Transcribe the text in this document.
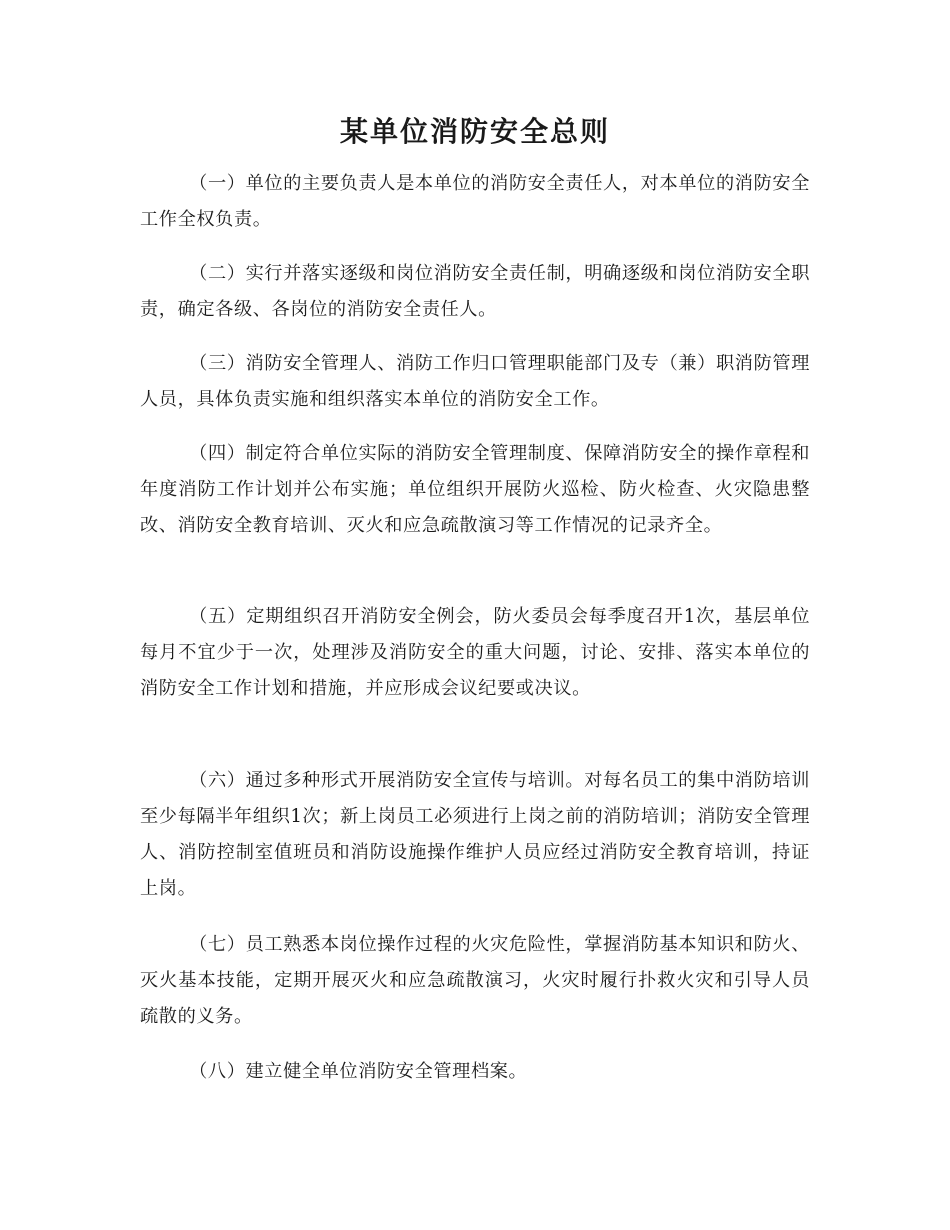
某单位消防安全总则

（一）单位的主要负责人是本单位的消防安全责任人，对本单位的消防安全工作全权负责。

（二）实行并落实逐级和岗位消防安全责任制，明确逐级和岗位消防安全职责，确定各级、各岗位的消防安全责任人。

（三）消防安全管理人、消防工作归口管理职能部门及专（兼）职消防管理人员，具体负责实施和组织落实本单位的消防安全工作。

（四）制定符合单位实际的消防安全管理制度、保障消防安全的操作章程和年度消防工作计划并公布实施；单位组织开展防火巡检、防火检查、火灾隐患整改、消防安全教育培训、灭火和应急疏散演习等工作情况的记录齐全。

（五）定期组织召开消防安全例会，防火委员会每季度召开1次，基层单位每月不宜少于一次，处理涉及消防安全的重大问题，讨论、安排、落实本单位的消防安全工作计划和措施，并应形成会议纪要或决议。

（六）通过多种形式开展消防安全宣传与培训。对每名员工的集中消防培训至少每隔半年组织1次；新上岗员工必须进行上岗之前的消防培训；消防安全管理人、消防控制室值班员和消防设施操作维护人员应经过消防安全教育培训，持证上岗。

（七）员工熟悉本岗位操作过程的火灾危险性，掌握消防基本知识和防火、灭火基本技能，定期开展灭火和应急疏散演习，火灾时履行扑救火灾和引导人员疏散的义务。

（八）建立健全单位消防安全管理档案。
